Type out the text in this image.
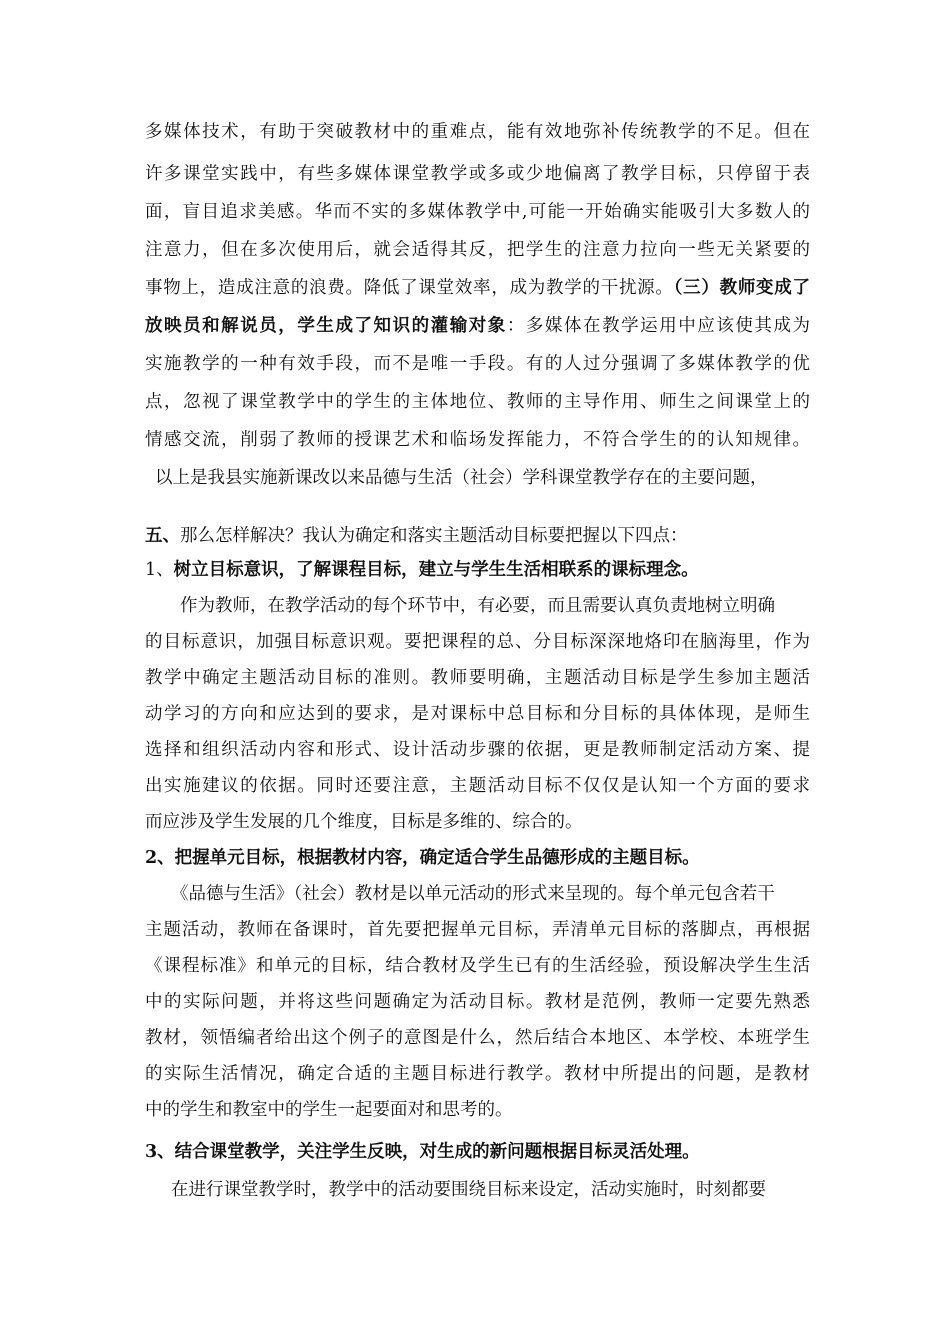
多媒体技术，有助于突破教材中的重难点，能有效地弥补传统教学的不足。但在
许多课堂实践中，有些多媒体课堂教学或多或少地偏离了教学目标，只停留于表
面，盲目追求美感。华而不实的多媒体教学中,可能一开始确实能吸引大多数人的
注意力，但在多次使用后，就会适得其反，把学生的注意力拉向一些无关紧要的
事物上，造成注意的浪费。降低了课堂效率，成为教学的干扰源。（三）教师变成了
放映员和解说员，学生成了知识的灌输对象：多媒体在教学运用中应该使其成为
实施教学的一种有效手段，而不是唯一手段。有的人过分强调了多媒体教学的优
点，忽视了课堂教学中的学生的主体地位、教师的主导作用、师生之间课堂上的
情感交流，削弱了教师的授课艺术和临场发挥能力，不符合学生的的认知规律。
以上是我县实施新课改以来品德与生活（社会）学科课堂教学存在的主要问题，
五、那么怎样解决？我认为确定和落实主题活动目标要把握以下四点：
1、树立目标意识，了解课程目标，建立与学生生活相联系的课标理念。
作为教师，在教学活动的每个环节中，有必要，而且需要认真负责地树立明确
的目标意识，加强目标意识观。要把课程的总、分目标深深地烙印在脑海里，作为
教学中确定主题活动目标的准则。教师要明确，主题活动目标是学生参加主题活
动学习的方向和应达到的要求，是对课标中总目标和分目标的具体体现，是师生
选择和组织活动内容和形式、设计活动步骤的依据，更是教师制定活动方案、提
出实施建议的依据。同时还要注意，主题活动目标不仅仅是认知一个方面的要求
而应涉及学生发展的几个维度，目标是多维的、综合的。
2、把握单元目标，根据教材内容，确定适合学生品德形成的主题目标。
《品德与生活》（社会）教材是以单元活动的形式来呈现的。每个单元包含若干
主题活动，教师在备课时，首先要把握单元目标，弄清单元目标的落脚点，再根据
《课程标准》和单元的目标，结合教材及学生已有的生活经验，预设解决学生生活
中的实际问题，并将这些问题确定为活动目标。教材是范例，教师一定要先熟悉
教材，领悟编者给出这个例子的意图是什么，然后结合本地区、本学校、本班学生
的实际生活情况，确定合适的主题目标进行教学。教材中所提出的问题，是教材
中的学生和教室中的学生一起要面对和思考的。
3、结合课堂教学，关注学生反映，对生成的新问题根据目标灵活处理。
在进行课堂教学时，教学中的活动要围绕目标来设定，活动实施时，时刻都要
